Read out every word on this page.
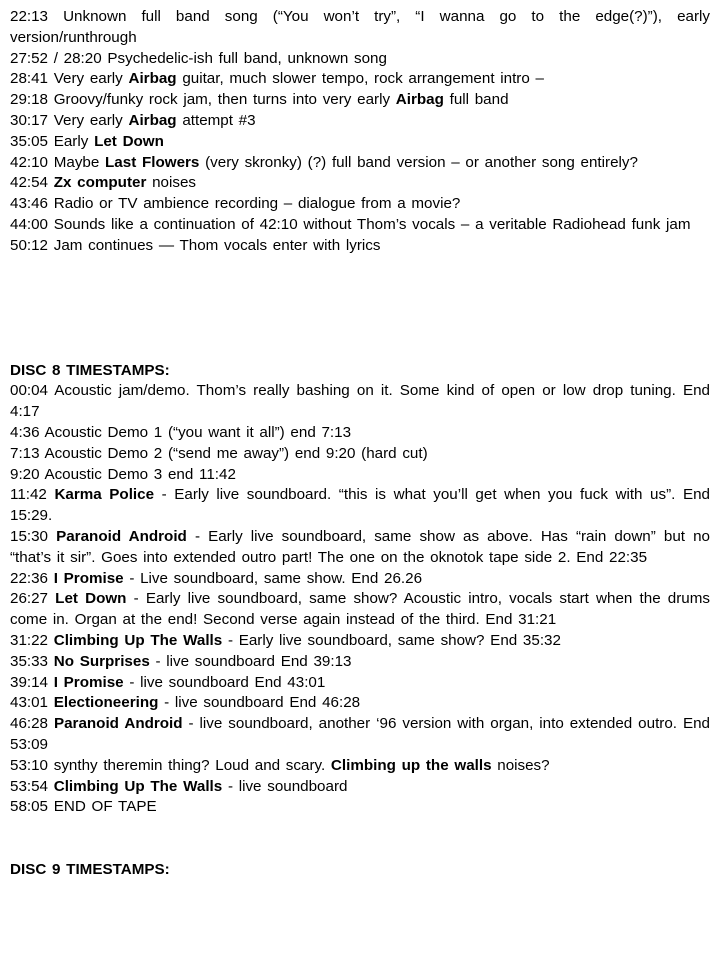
22:13 Unknown full band song (“You won’t try”, “I wanna go to the edge(?)”), early version/runthrough
27:52 / 28:20 Psychedelic-ish full band, unknown song
28:41 Very early Airbag guitar, much slower tempo, rock arrangement intro –
29:18 Groovy/funky rock jam, then turns into very early Airbag full band
30:17 Very early Airbag attempt #3
35:05 Early Let Down
42:10 Maybe Last Flowers (very skronky) (?) full band version – or another song entirely?
42:54 Zx computer noises
43:46 Radio or TV ambience recording – dialogue from a movie?
44:00 Sounds like a continuation of 42:10 without Thom’s vocals – a veritable Radiohead funk jam
50:12 Jam continues — Thom vocals enter with lyrics
DISC 8 TIMESTAMPS:
00:04 Acoustic jam/demo. Thom’s really bashing on it. Some kind of open or low drop tuning. End 4:17
4:36 Acoustic Demo 1 (“you want it all”) end 7:13
7:13 Acoustic Demo 2 (“send me away”) end 9:20 (hard cut)
9:20 Acoustic Demo 3 end 11:42
11:42 Karma Police - Early live soundboard. “this is what you’ll get when you fuck with us”. End 15:29.
15:30 Paranoid Android - Early live soundboard, same show as above. Has “rain down” but no “that’s it sir”. Goes into extended outro part! The one on the oknotok tape side 2. End 22:35
22:36 I Promise - Live soundboard, same show. End 26.26
26:27 Let Down - Early live soundboard, same show? Acoustic intro, vocals start when the drums come in. Organ at the end! Second verse again instead of the third. End 31:21
31:22 Climbing Up The Walls - Early live soundboard, same show? End 35:32
35:33 No Surprises - live soundboard End 39:13
39:14 I Promise - live soundboard End 43:01
43:01 Electioneering - live soundboard End 46:28
46:28 Paranoid Android - live soundboard, another ‘96 version with organ, into extended outro. End 53:09
53:10 synthy theremin thing? Loud and scary. Climbing up the walls noises?
53:54 Climbing Up The Walls - live soundboard
58:05 END OF TAPE
DISC 9 TIMESTAMPS:
